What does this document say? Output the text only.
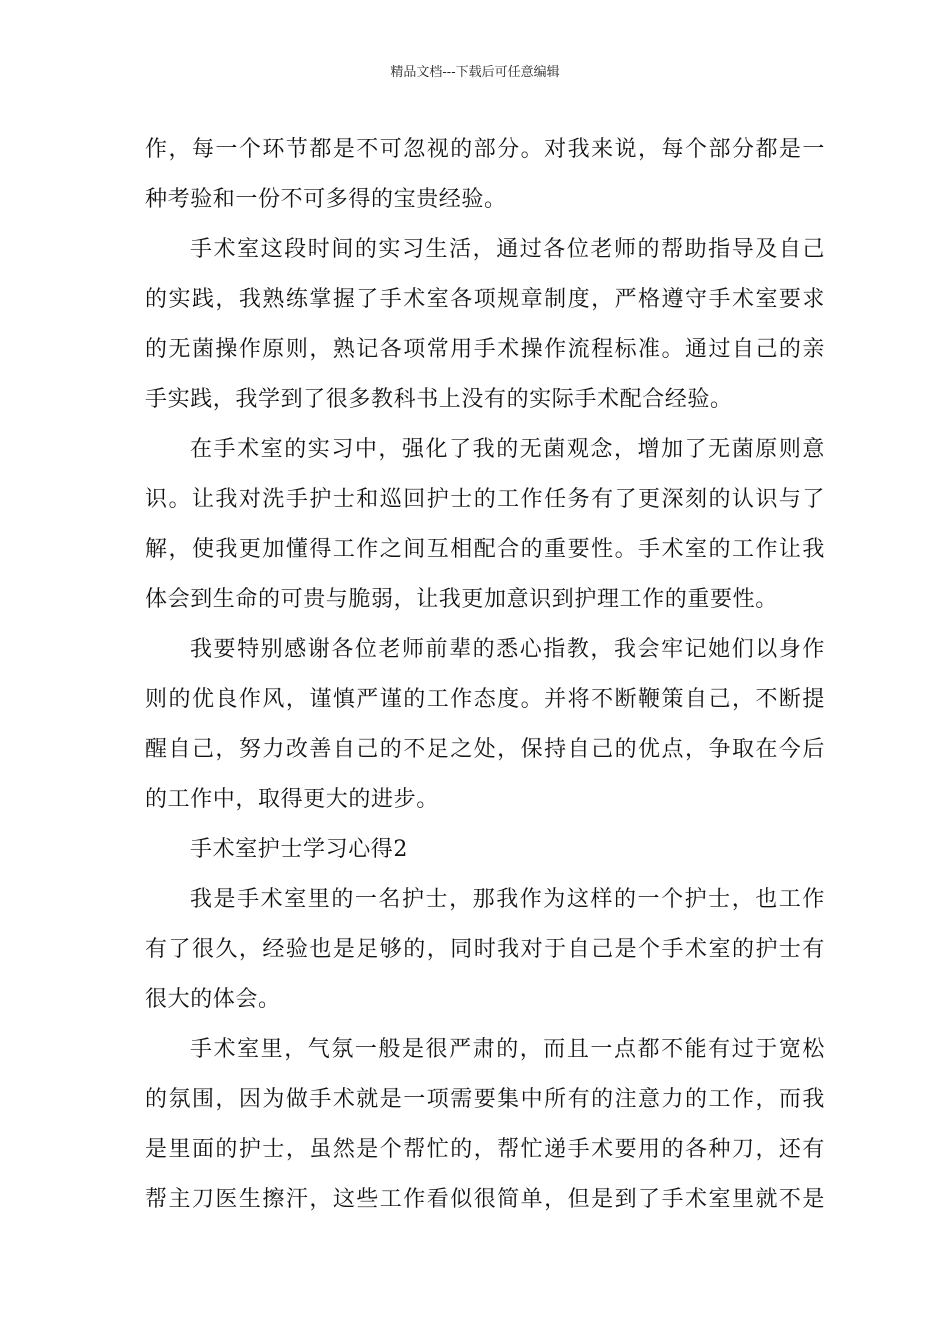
精品文档---下载后可任意编辑
作，每一个环节都是不可忽视的部分。对我来说，每个部分都是一
种考验和一份不可多得的宝贵经验。
手术室这段时间的实习生活，通过各位老师的帮助指导及自己
的实践，我熟练掌握了手术室各项规章制度，严格遵守手术室要求
的无菌操作原则，熟记各项常用手术操作流程标准。通过自己的亲
手实践，我学到了很多教科书上没有的实际手术配合经验。
在手术室的实习中，强化了我的无菌观念，增加了无菌原则意
识。让我对洗手护士和巡回护士的工作任务有了更深刻的认识与了
解，使我更加懂得工作之间互相配合的重要性。手术室的工作让我
体会到生命的可贵与脆弱，让我更加意识到护理工作的重要性。
我要特别感谢各位老师前辈的悉心指教，我会牢记她们以身作
则的优良作风，谨慎严谨的工作态度。并将不断鞭策自己，不断提
醒自己，努力改善自己的不足之处，保持自己的优点，争取在今后
的工作中，取得更大的进步。
手术室护士学习心得2
我是手术室里的一名护士，那我作为这样的一个护士，也工作
有了很久，经验也是足够的，同时我对于自己是个手术室的护士有
很大的体会。
手术室里，气氛一般是很严肃的，而且一点都不能有过于宽松
的氛围，因为做手术就是一项需要集中所有的注意力的工作，而我
是里面的护士，虽然是个帮忙的，帮忙递手术要用的各种刀，还有
帮主刀医生擦汗，这些工作看似很简单，但是到了手术室里就不是
